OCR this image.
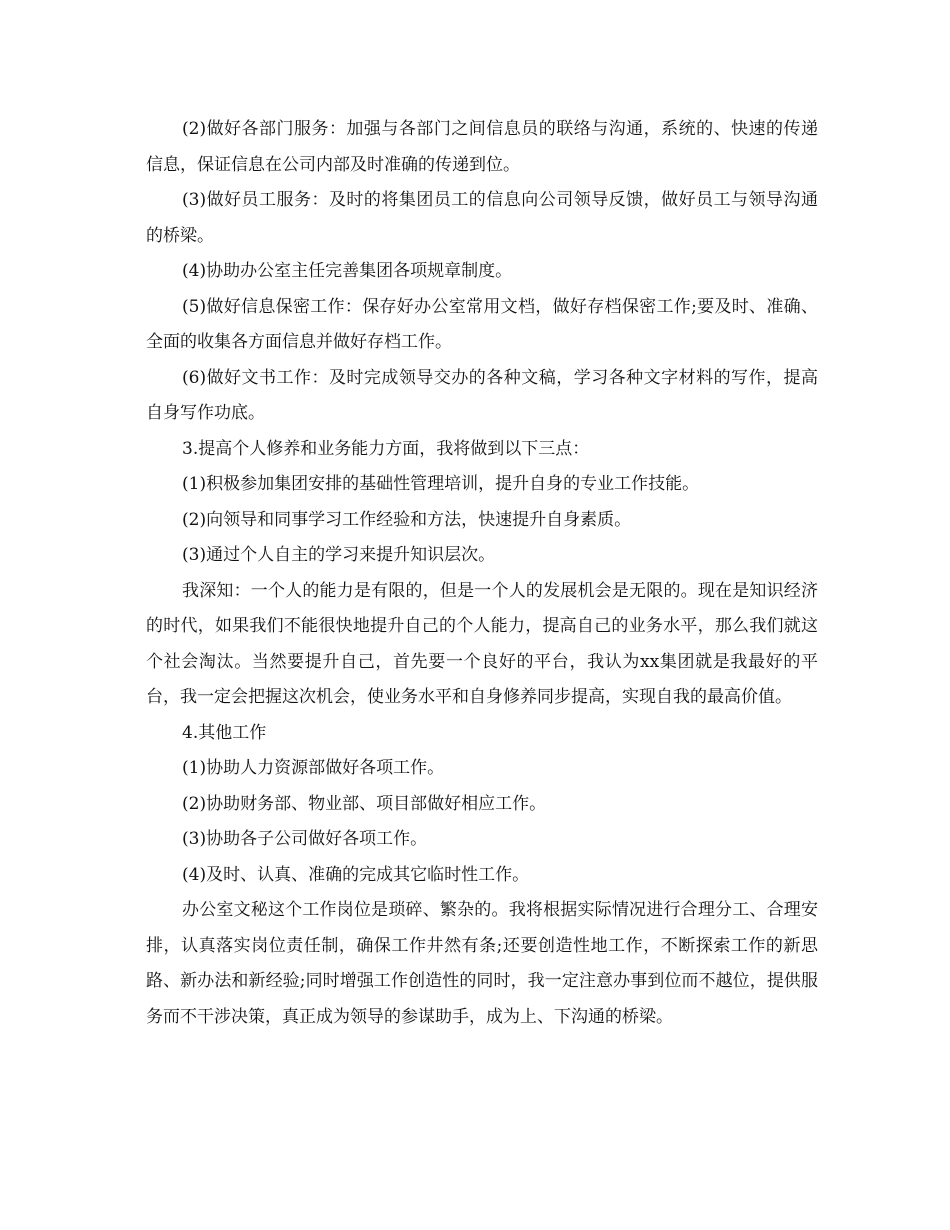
(2)做好各部门服务：加强与各部门之间信息员的联络与沟通，系统的、快速的传递信息，保证信息在公司内部及时准确的传递到位。

(3)做好员工服务：及时的将集团员工的信息向公司领导反馈，做好员工与领导沟通的桥梁。

(4)协助办公室主任完善集团各项规章制度。

(5)做好信息保密工作：保存好办公室常用文档，做好存档保密工作;要及时、准确、全面的收集各方面信息并做好存档工作。

(6)做好文书工作：及时完成领导交办的各种文稿，学习各种文字材料的写作，提高自身写作功底。

3.提高个人修养和业务能力方面，我将做到以下三点：

(1)积极参加集团安排的基础性管理培训，提升自身的专业工作技能。

(2)向领导和同事学习工作经验和方法，快速提升自身素质。

(3)通过个人自主的学习来提升知识层次。

我深知：一个人的能力是有限的，但是一个人的发展机会是无限的。现在是知识经济的时代，如果我们不能很快地提升自己的个人能力，提高自己的业务水平，那么我们就这个社会淘汰。当然要提升自己，首先要一个良好的平台，我认为xx集团就是我最好的平台，我一定会把握这次机会，使业务水平和自身修养同步提高，实现自我的最高价值。

4.其他工作

(1)协助人力资源部做好各项工作。

(2)协助财务部、物业部、项目部做好相应工作。

(3)协助各子公司做好各项工作。

(4)及时、认真、准确的完成其它临时性工作。

办公室文秘这个工作岗位是琐碎、繁杂的。我将根据实际情况进行合理分工、合理安排，认真落实岗位责任制，确保工作井然有条;还要创造性地工作，不断探索工作的新思路、新办法和新经验;同时增强工作创造性的同时，我一定注意办事到位而不越位，提供服务而不干涉决策，真正成为领导的参谋助手，成为上、下沟通的桥梁。
